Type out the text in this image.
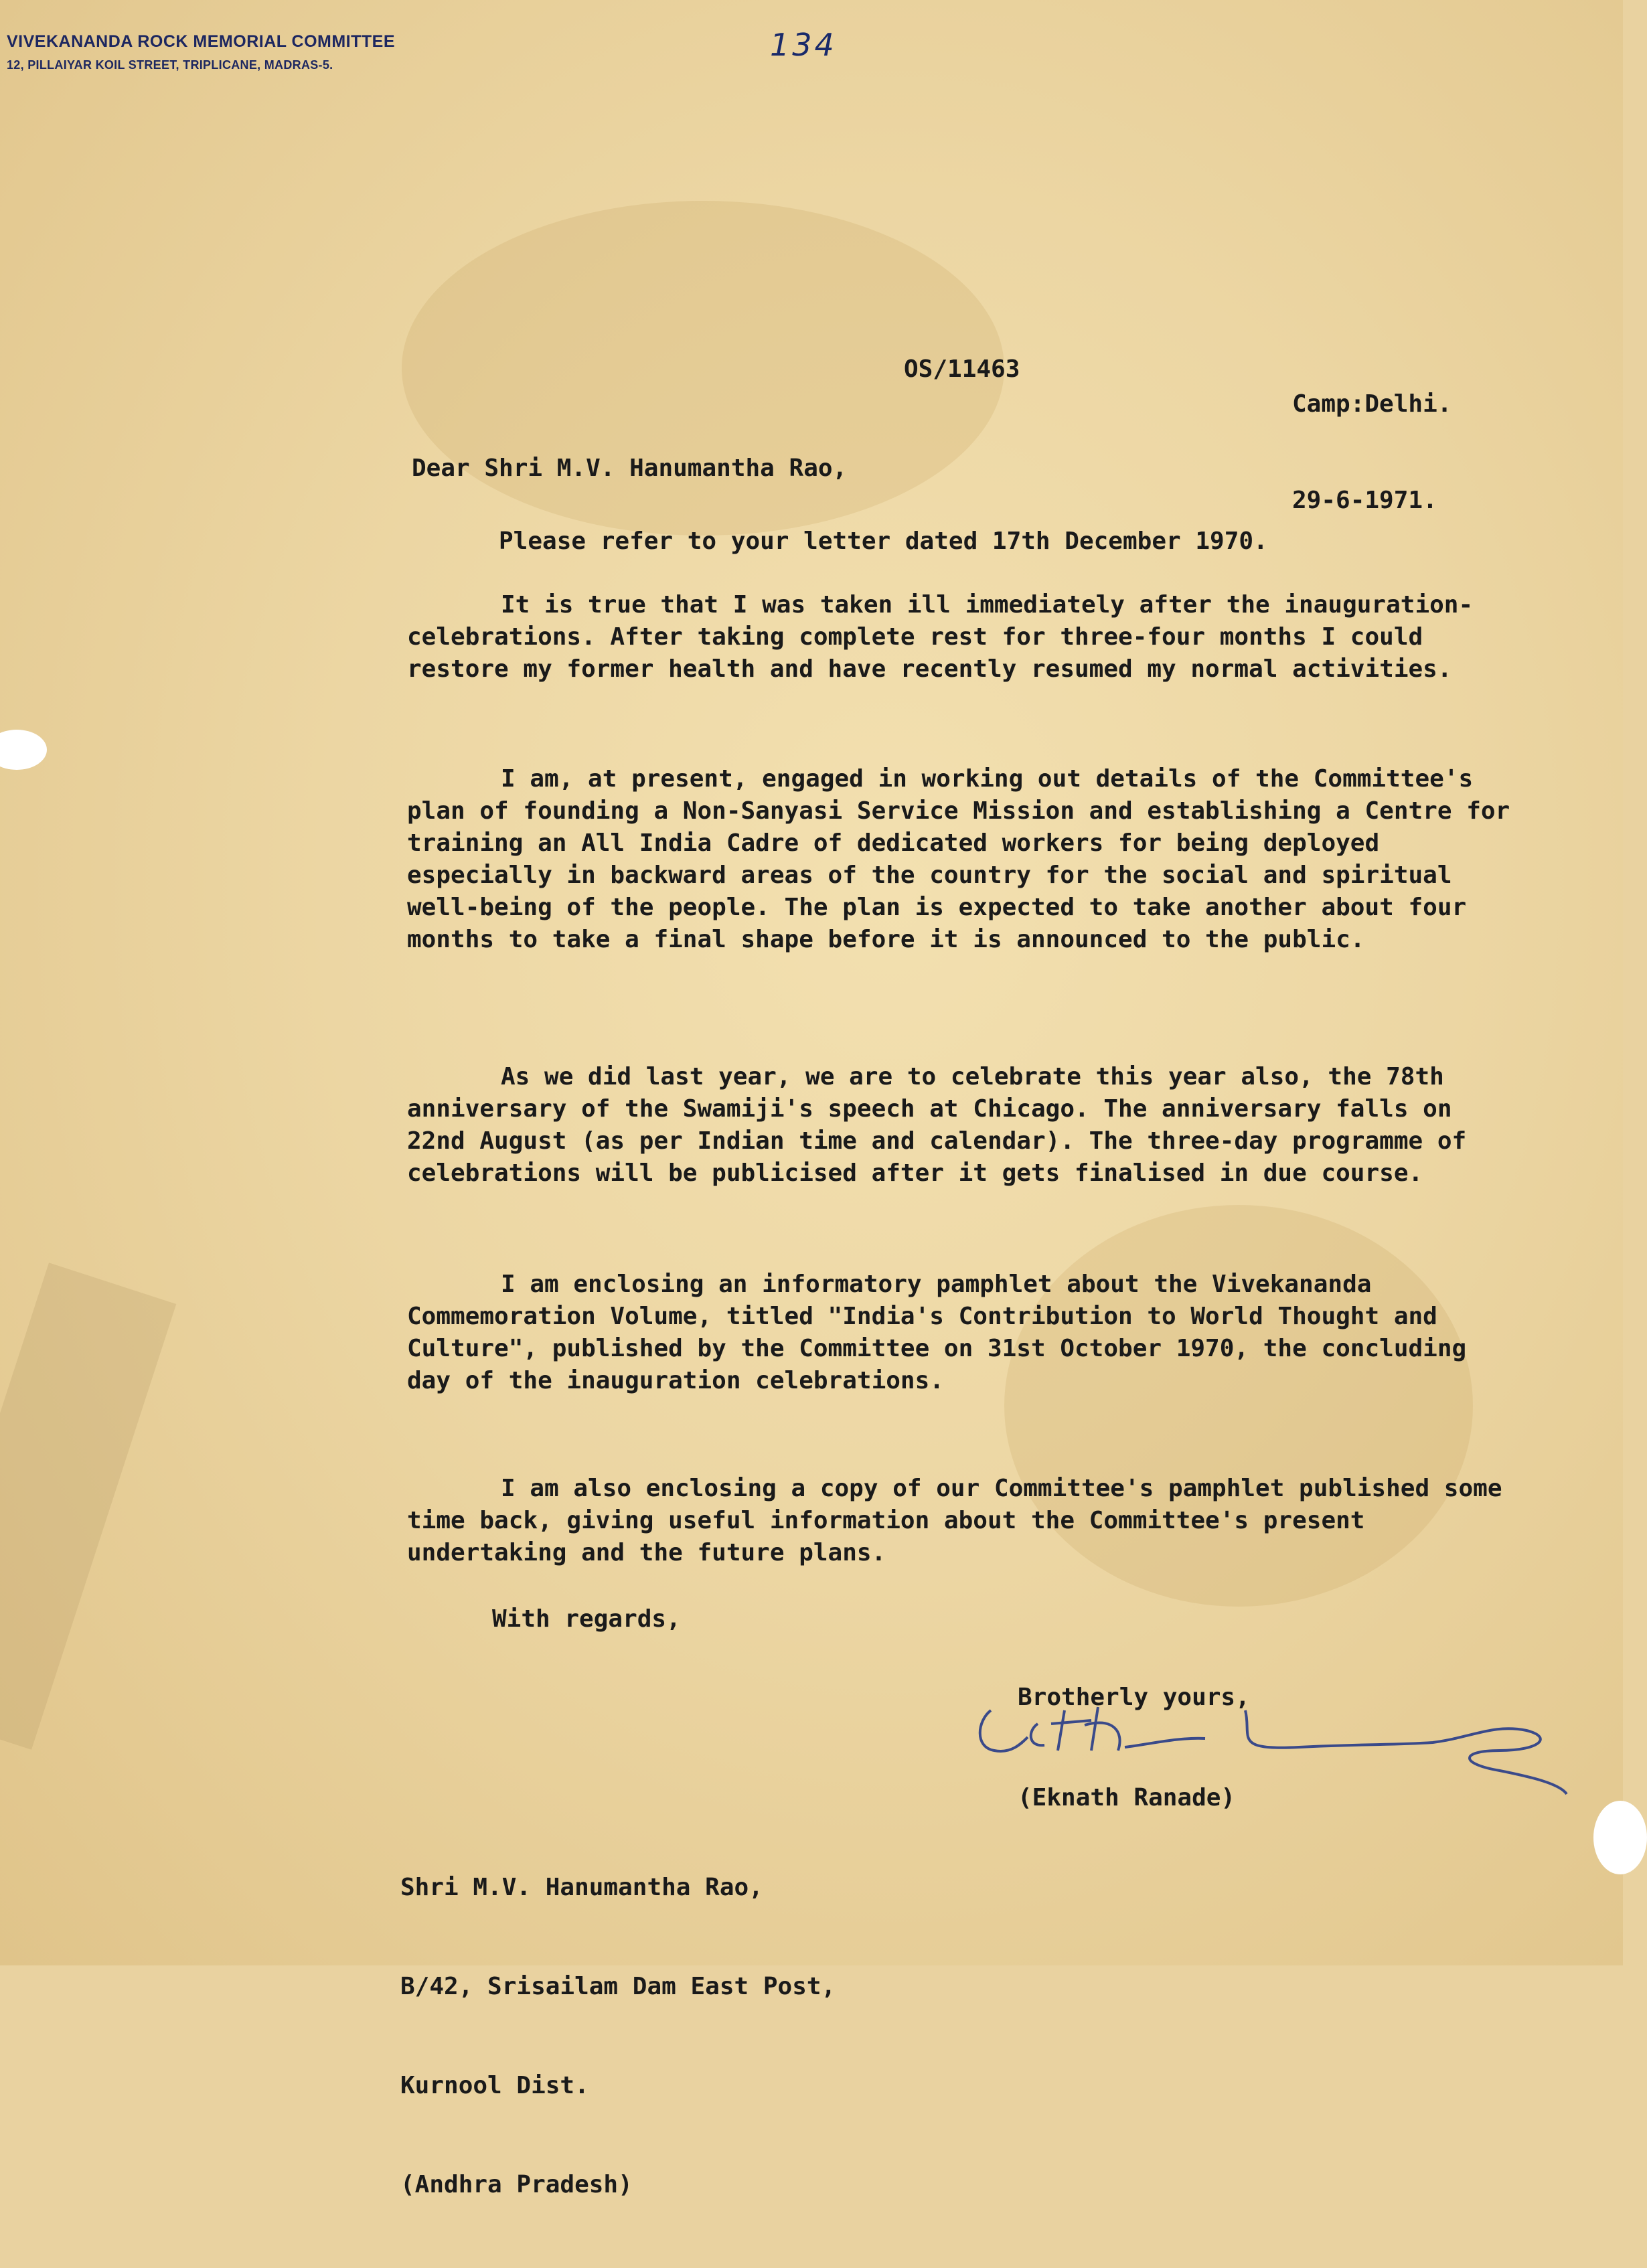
VIVEKANANDA ROCK MEMORIAL COMMITTEE
12, PILLAIYAR KOIL STREET, TRIPLICANE, MADRAS-5.
134
OS/11463

Camp:Delhi.

29-6-1971.

Dear Shri M.V. Hanumantha Rao,
Please refer to your letter dated 17th December 1970.
It is true that I was taken ill immediately after the inauguration-celebrations. After taking complete rest for three-four months I could restore my former health and have recently resumed my normal activities.
I am, at present, engaged in working out details of the Committee's plan of founding a Non-Sanyasi Service Mission and establishing a Centre for training an All India Cadre of dedicated workers for being deployed especially in backward areas of the country for the social and spiritual well-being of the people. The plan is expected to take another about four months to take a final shape before it is announced to the public.
As we did last year, we are to celebrate this year also, the 78th anniversary of the Swamiji's speech at Chicago. The anniversary falls on 22nd August (as per Indian time and calendar). The three-day programme of celebrations will be publicised after it gets finalised in due course.
I am enclosing an informatory pamphlet about the Vivekananda Commemoration Volume, titled "India's Contribution to World Thought and Culture", published by the Committee on 31st October 1970, the concluding day of the inauguration celebrations.
I am also enclosing a copy of our Committee's pamphlet published some time back, giving useful information about the Committee's present undertaking and the future plans.
With regards,
Brotherly yours,
(Eknath Ranade)

Shri M.V. Hanumantha Rao,

B/42, Srisailam Dam East Post,

Kurnool Dist.

(Andhra Pradesh)
